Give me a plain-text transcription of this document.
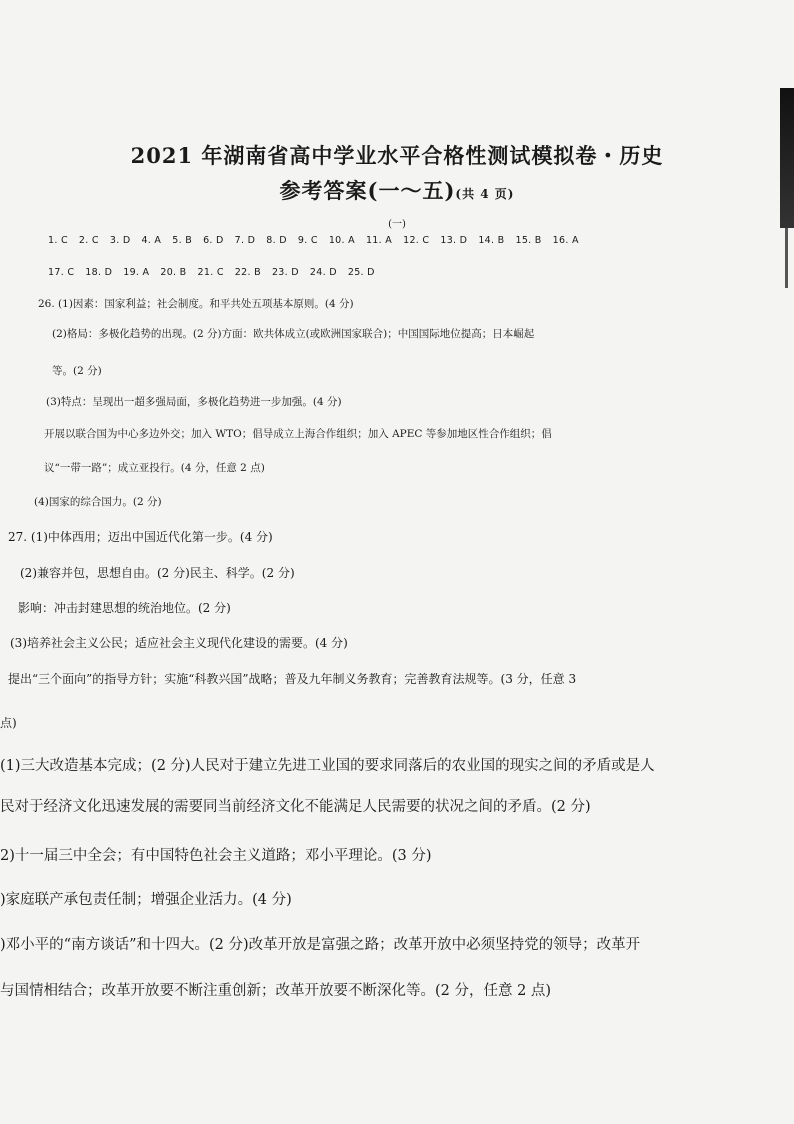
2021 年湖南省高中学业水平合格性测试模拟卷・历史
参考答案(一～五)(共 4 页)
(一)
1. C 2. C 3. D 4. A 5. B 6. D 7. D 8. D 9. C 10. A 11. A 12. C 13. D 14. B 15. B 16. A
17. C 18. D 19. A 20. B 21. C 22. B 23. D 24. D 25. D
26. (1)因素：国家利益；社会制度。和平共处五项基本原则。(4 分)
(2)格局：多极化趋势的出现。(2 分)方面：欧共体成立(或欧洲国家联合)；中国国际地位提高；日本崛起
等。(2 分)
(3)特点：呈现出一超多强局面，多极化趋势进一步加强。(4 分)
开展以联合国为中心多边外交；加入 WTO；倡导成立上海合作组织；加入 APEC 等参加地区性合作组织；倡
议“一带一路”；成立亚投行。(4 分，任意 2 点)
(4)国家的综合国力。(2 分)
27. (1)中体西用；迈出中国近代化第一步。(4 分)
(2)兼容并包，思想自由。(2 分)民主、科学。(2 分)
影响：冲击封建思想的统治地位。(2 分)
(3)培养社会主义公民；适应社会主义现代化建设的需要。(4 分)
提出“三个面向”的指导方针；实施“科教兴国”战略；普及九年制义务教育；完善教育法规等。(3 分，任意 3
点)
(1)三大改造基本完成；(2 分)人民对于建立先进工业国的要求同落后的农业国的现实之间的矛盾或是人
民对于经济文化迅速发展的需要同当前经济文化不能满足人民需要的状况之间的矛盾。(2 分)
2)十一届三中全会；有中国特色社会主义道路；邓小平理论。(3 分)
)家庭联产承包责任制；增强企业活力。(4 分)
)邓小平的“南方谈话”和十四大。(2 分)改革开放是富强之路；改革开放中必须坚持党的领导；改革开
与国情相结合；改革开放要不断注重创新；改革开放要不断深化等。(2 分，任意 2 点)
